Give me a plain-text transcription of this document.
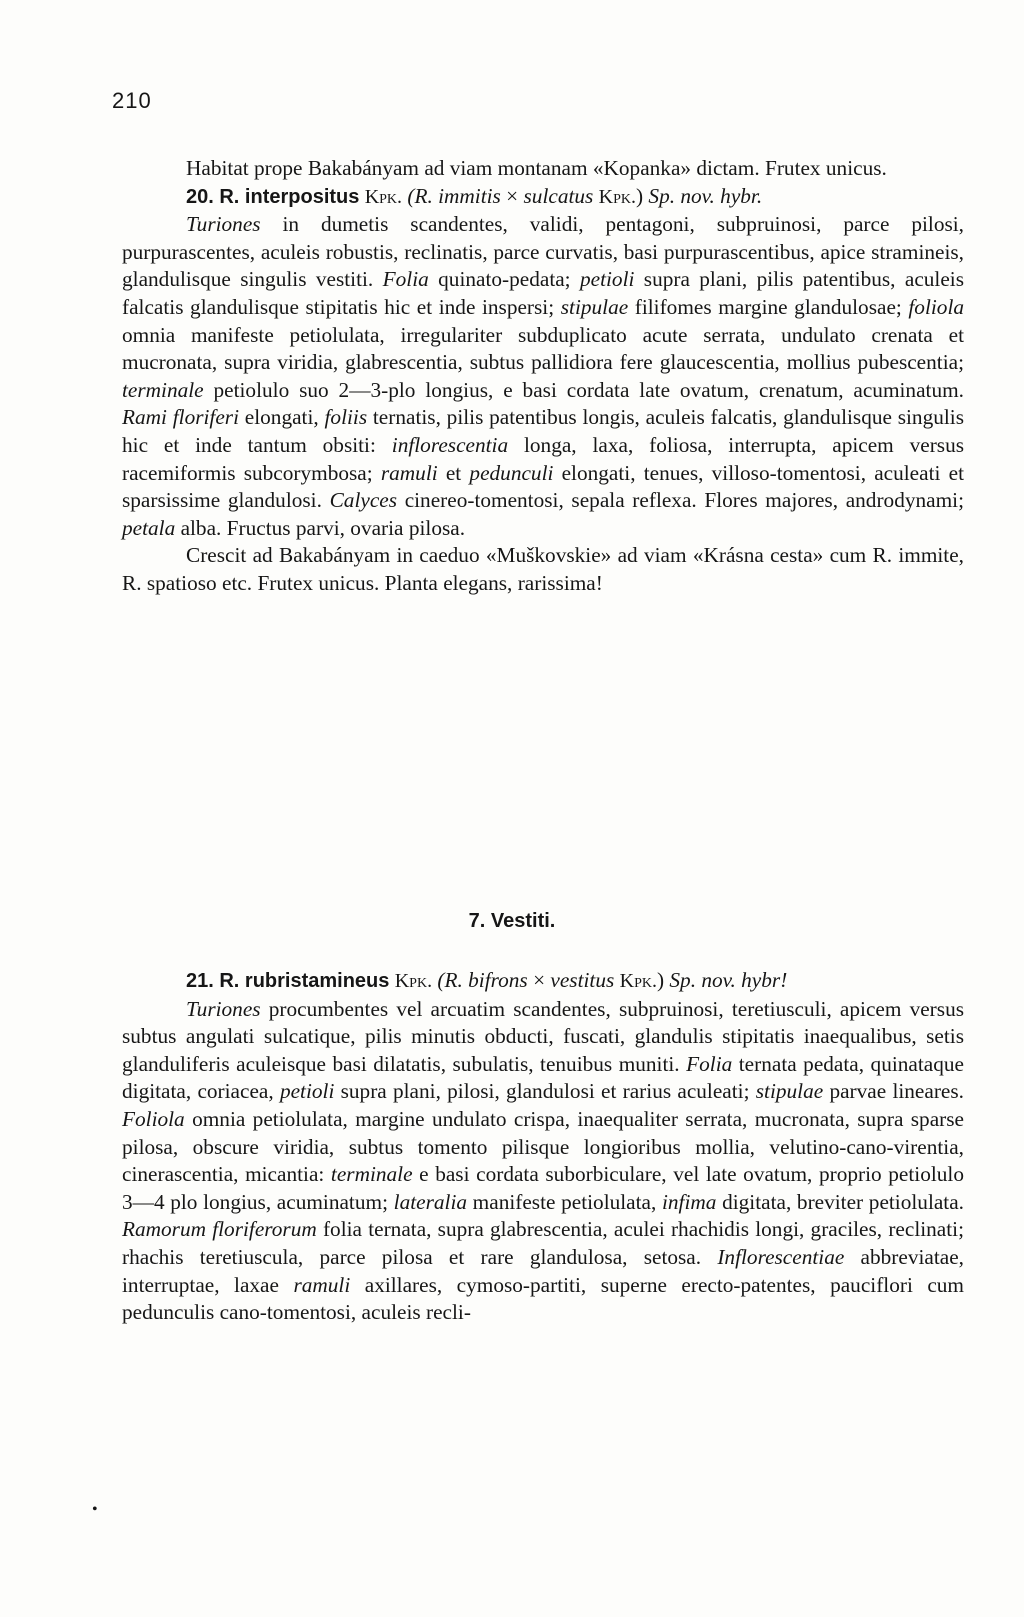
210

Habitat prope Bakabányam ad viam montanam «Kopanka» dictam. Frutex unicus.

20. R. interpositus Kpk. (R. immitis × sulcatus Kpk.) Sp. nov. hybr.

Turiones in dumetis scandentes, validi, pentagoni, subpruinosi, parce pilosi, purpurascentes, aculeis robustis, reclinatis, parce curvatis, basi purpurascentibus, apice stramineis, glandulisque singulis vestiti. Folia quinato-pedata; petioli supra plani, pilis patentibus, aculeis falcatis glandulisque stipitatis hic et inde inspersi; stipulae filifomes margine glandulosae; foliola omnia manifeste petiolulata, irregulariter subduplicato acute serrata, undulato crenata et mucronata, supra viridia, glabrescentia, subtus pallidiora fere glaucescentia, mollius pubescentia; terminale petiolulo suo 2—3-plo longius, e basi cordata late ovatum, crenatum, acuminatum. Rami floriferi elongati, foliis ternatis, pilis patentibus longis, aculeis falcatis, glandulisque singulis hic et inde tantum obsiti: inflorescentia longa, laxa, foliosa, interrupta, apicem versus racemiformis subcorymbosa; ramuli et pedunculi elongati, tenues, villoso-tomentosi, aculeati et sparsissime glandulosi. Calyces cinereo-tomentosi, sepala reflexa. Flores majores, androdynami; petala alba. Fructus parvi, ovaria pilosa.

Crescit ad Bakabányam in caeduo «Muškovskie» ad viam «Krásna cesta» cum R. immite, R. spatioso etc. Frutex unicus. Planta elegans, rarissima!

7. Vestiti.

21. R. rubristamineus Kpk. (R. bifrons × vestitus Kpk.) Sp. nov. hybr!

Turiones procumbentes vel arcuatim scandentes, subpruinosi, teretiusculi, apicem versus subtus angulati sulcatique, pilis minutis obducti, fuscati, glandulis stipitatis inaequalibus, setis glanduliferis aculeisque basi dilatatis, subulatis, tenuibus muniti. Folia ternata pedata, quinataque digitata, coriacea, petioli supra plani, pilosi, glandulosi et rarius aculeati; stipulae parvae lineares. Foliola omnia petiolulata, margine undulato crispa, inaequaliter serrata, mucronata, supra sparse pilosa, obscure viridia, subtus tomento pilisque longioribus mollia, velutino-cano-virentia, cinerascentia, micantia: terminale e basi cordata suborbiculare, vel late ovatum, proprio petiolulo 3—4 plo longius, acuminatum; lateralia manifeste petiolulata, infima digitata, breviter petiolulata. Ramorum floriferorum folia ternata, supra glabrescentia, aculei rhachidis longi, graciles, reclinati; rhachis teretiuscula, parce pilosa et rare glandulosa, setosa. Inflorescentiae abbreviatae, interruptae, laxae ramuli axillares, cymoso-partiti, superne erecto-patentes, pauciflori cum pedunculis cano-tomentosi, aculeis recli-

•
